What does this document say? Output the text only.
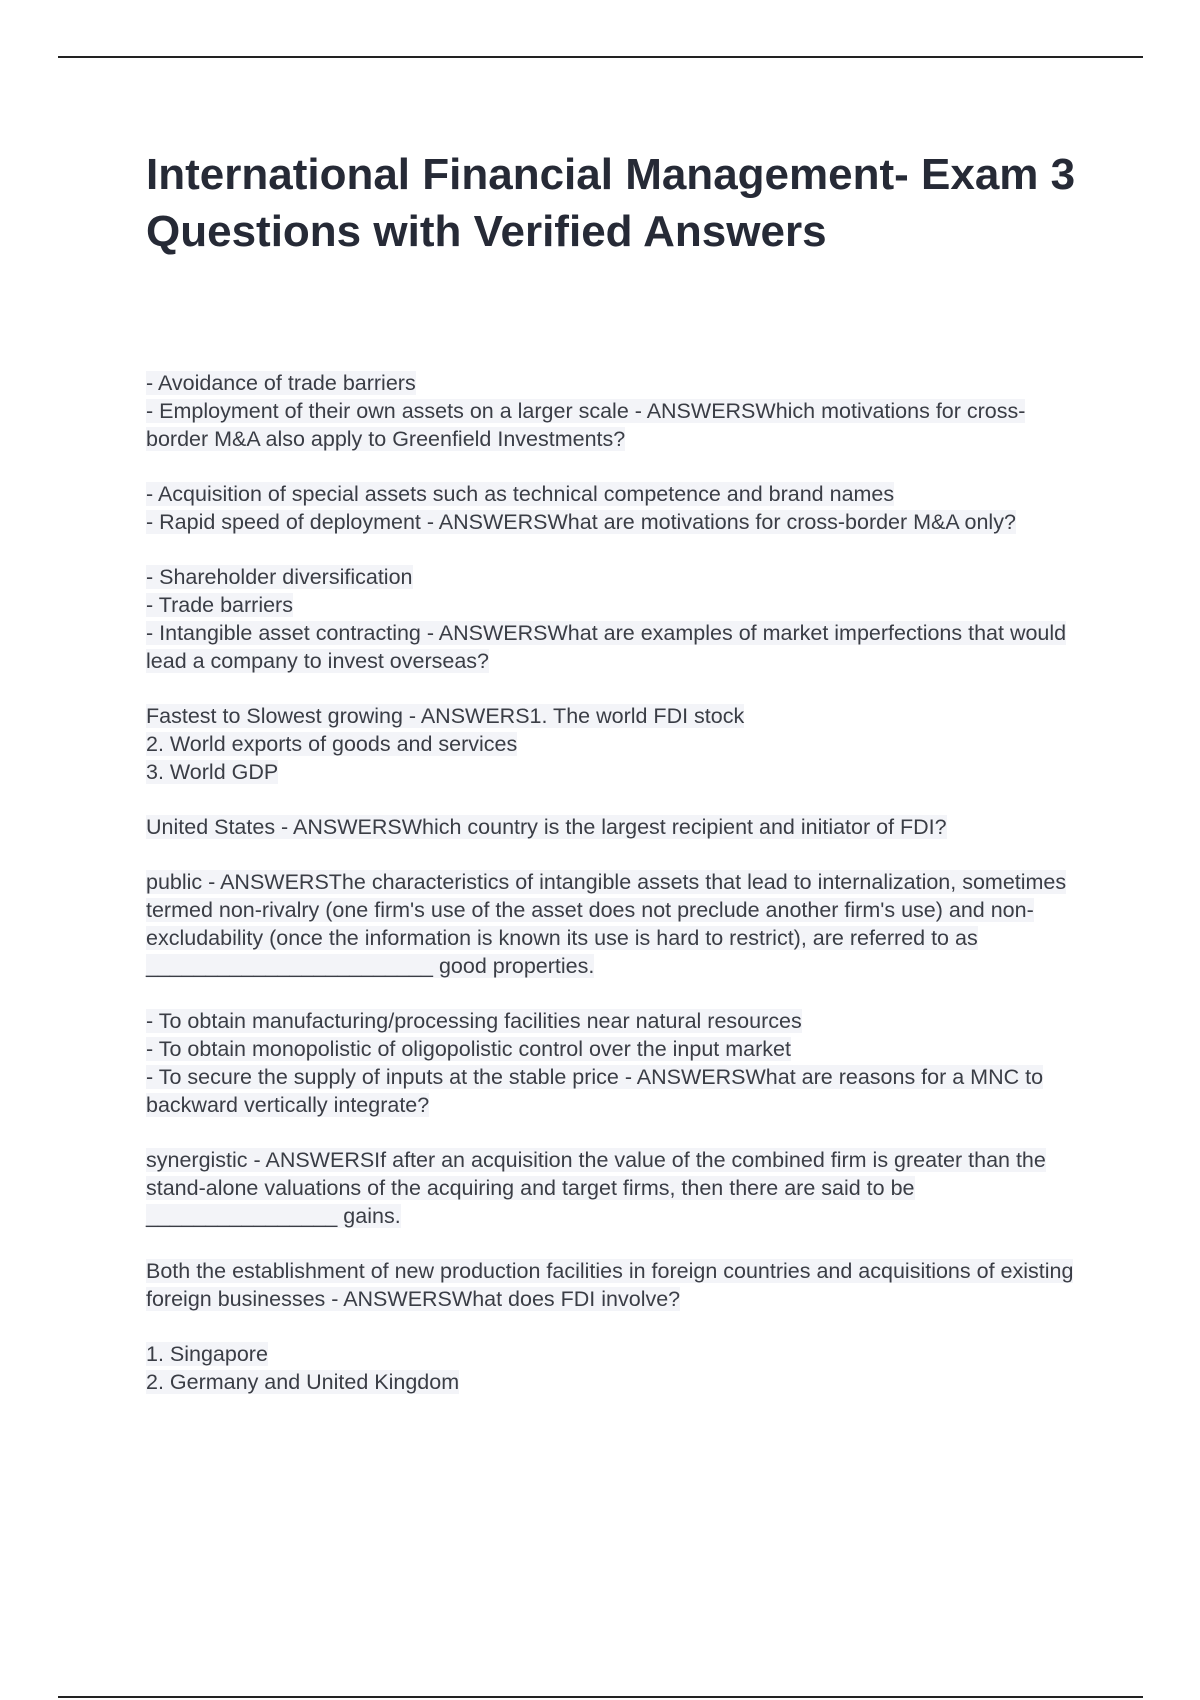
International Financial Management- Exam 3 Questions with Verified Answers
- Avoidance of trade barriers
- Employment of their own assets on a larger scale - ANSWERSWhich motivations for cross-border M&A also apply to Greenfield Investments?
- Acquisition of special assets such as technical competence and brand names
- Rapid speed of deployment - ANSWERSWhat are motivations for cross-border M&A only?
- Shareholder diversification
- Trade barriers
- Intangible asset contracting - ANSWERSWhat are examples of market imperfections that would lead a company to invest overseas?
Fastest to Slowest growing - ANSWERS1. The world FDI stock
2. World exports of goods and services
3. World GDP
United States - ANSWERSWhich country is the largest recipient and initiator of FDI?
public - ANSWERSThe characteristics of intangible assets that lead to internalization, sometimes termed non-rivalry (one firm's use of the asset does not preclude another firm's use) and non-excludability (once the information is known its use is hard to restrict), are referred to as ________________________ good properties.
- To obtain manufacturing/processing facilities near natural resources
- To obtain monopolistic of oligopolistic control over the input market
- To secure the supply of inputs at the stable price - ANSWERSWhat are reasons for a MNC to backward vertically integrate?
synergistic - ANSWERSIf after an acquisition the value of the combined firm is greater than the stand-alone valuations of the acquiring and target firms, then there are said to be ________________ gains.
Both the establishment of new production facilities in foreign countries and acquisitions of existing foreign businesses - ANSWERSWhat does FDI involve?
1. Singapore
2. Germany and United Kingdom
